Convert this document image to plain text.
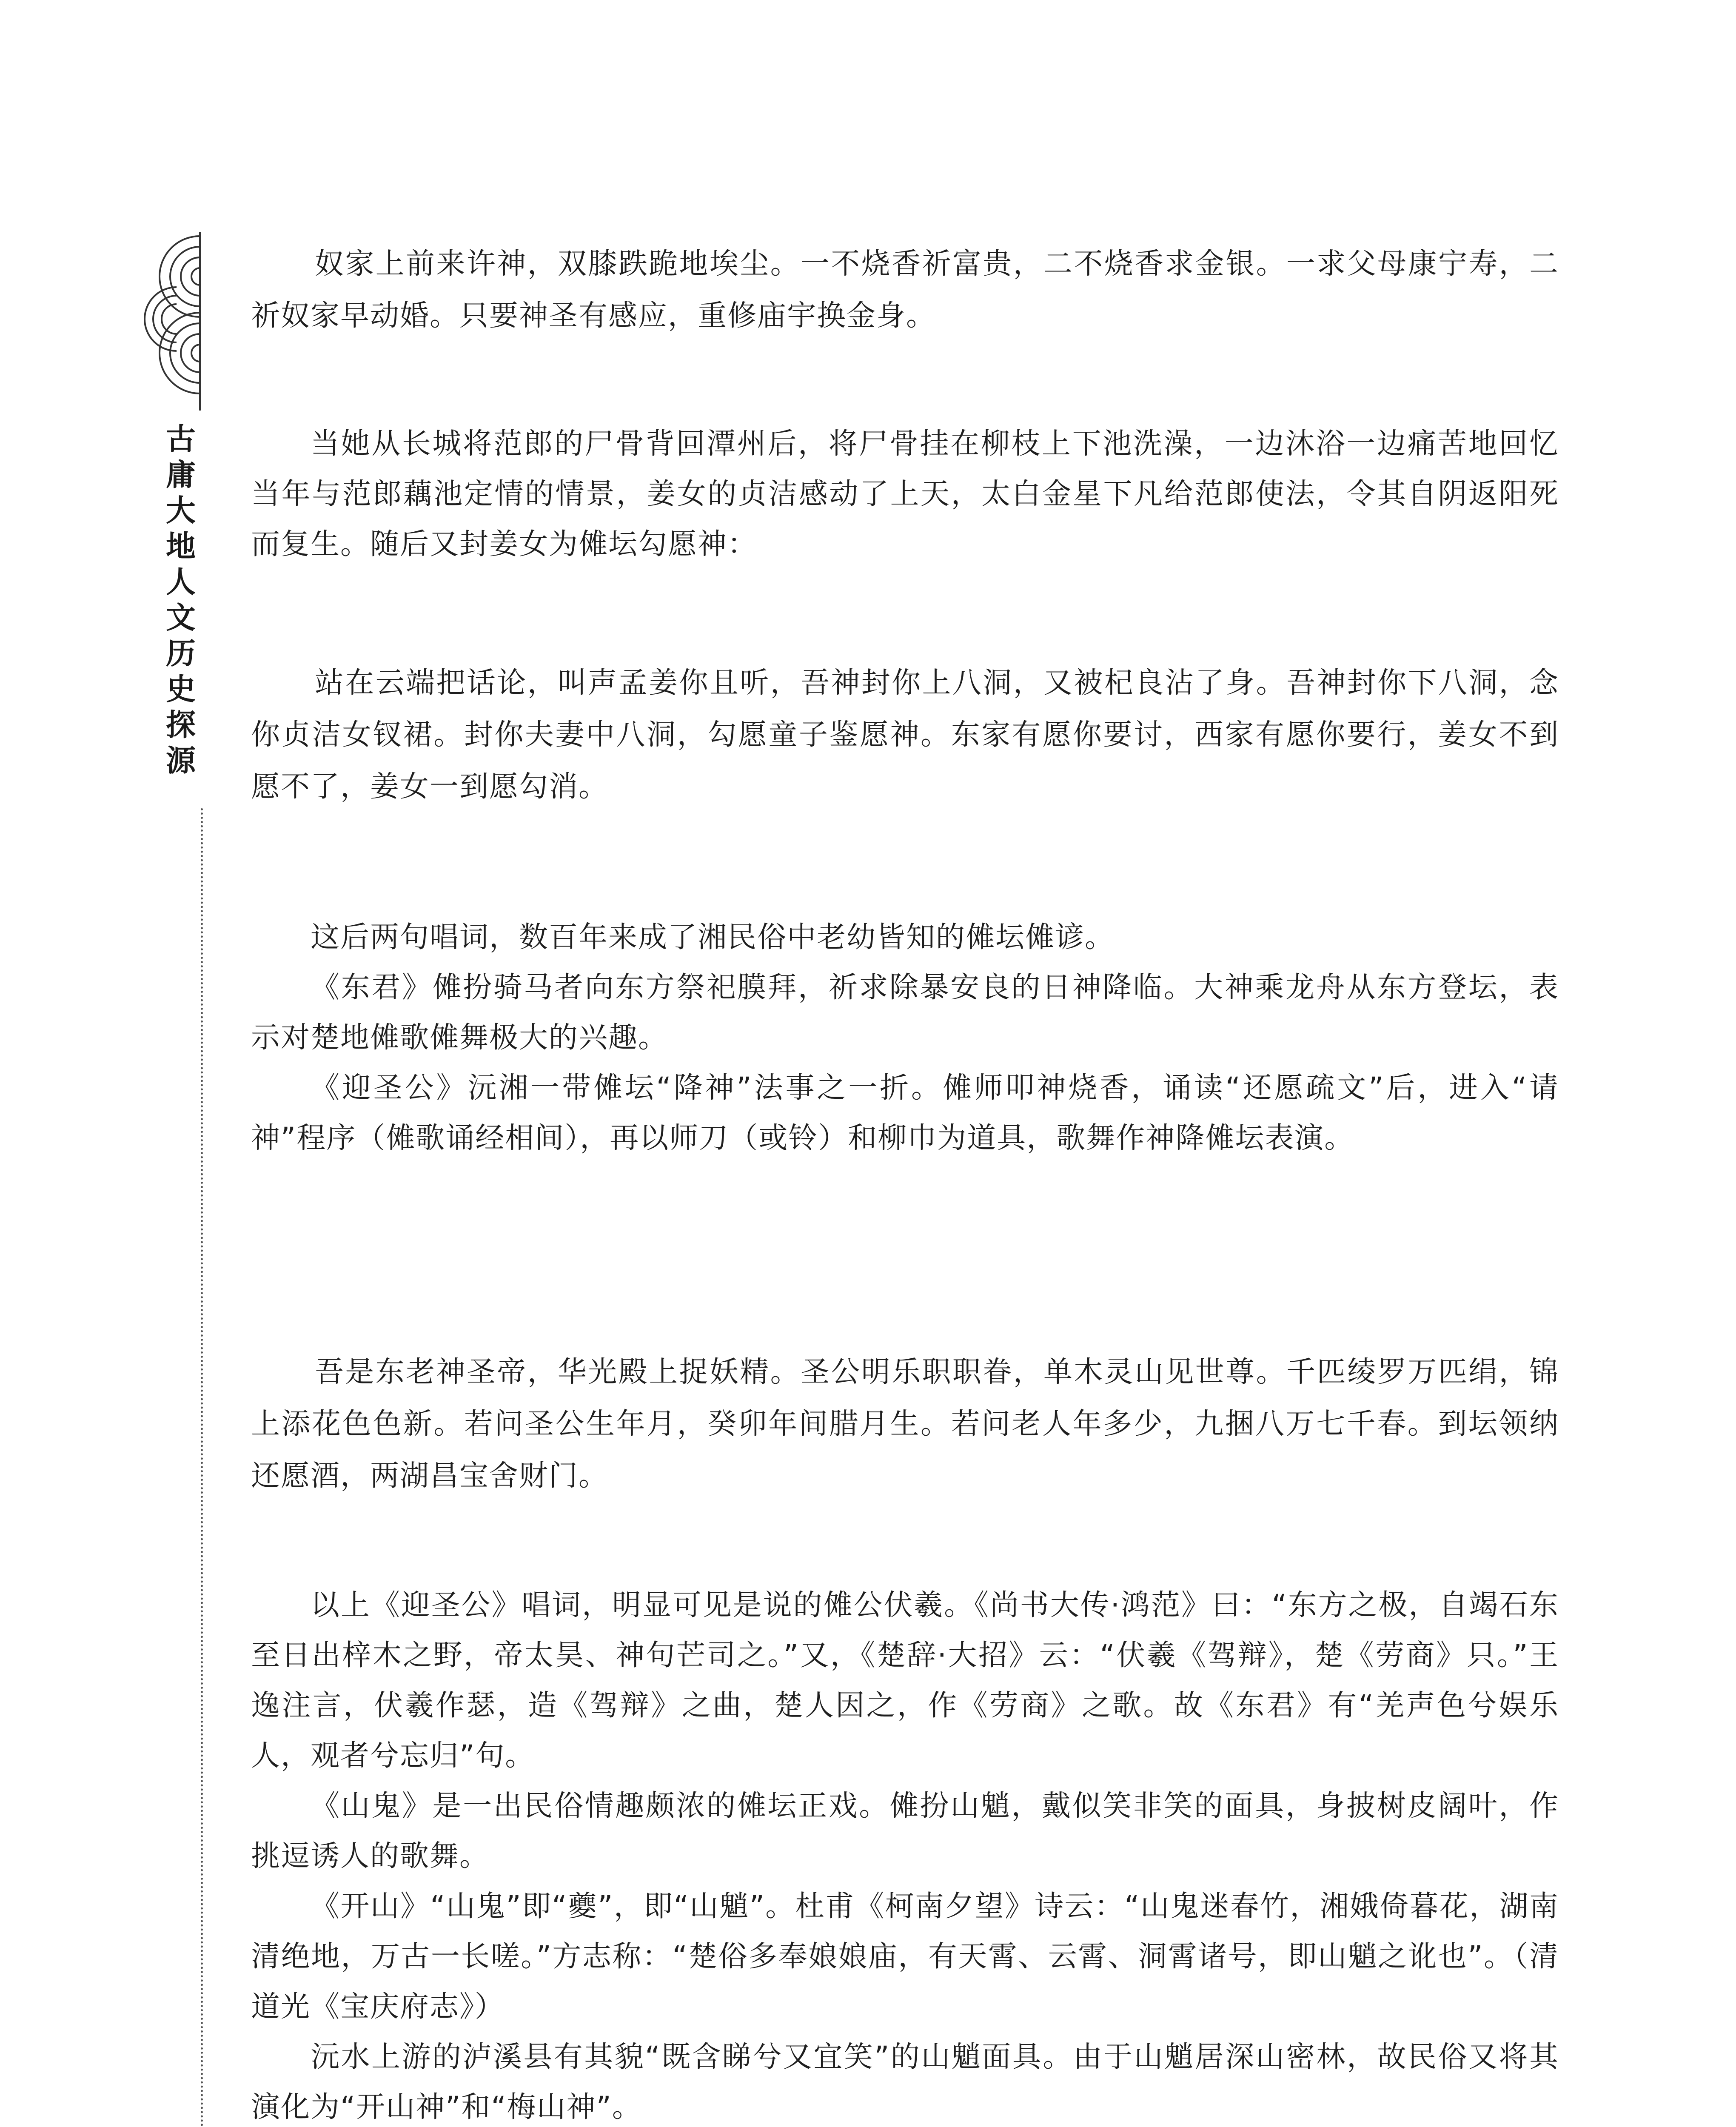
古庸大地人文历史探源

奴家上前来许神，双膝跌跪地埃尘。一不烧香祈富贵，二不烧香求金银。一求父母康宁寿，二祈奴家早动婚。只要神圣有感应，重修庙宇换金身。

当她从长城将范郎的尸骨背回潭州后，将尸骨挂在柳枝上下池洗澡，一边沐浴一边痛苦地回忆当年与范郎藕池定情的情景，姜女的贞洁感动了上天，太白金星下凡给范郎使法，令其自阴返阳死而复生。随后又封姜女为傩坛勾愿神：

站在云端把话论，叫声孟姜你且听，吾神封你上八洞，又被杞良沾了身。吾神封你下八洞，念你贞洁女钗裙。封你夫妻中八洞，勾愿童子鉴愿神。东家有愿你要讨，西家有愿你要行，姜女不到愿不了，姜女一到愿勾消。

这后两句唱词，数百年来成了湘民俗中老幼皆知的傩坛傩谚。

《东君》傩扮骑马者向东方祭祀膜拜，祈求除暴安良的日神降临。大神乘龙舟从东方登坛，表示对楚地傩歌傩舞极大的兴趣。

《迎圣公》沅湘一带傩坛“降神”法事之一折。傩师叩神烧香，诵读“还愿疏文”后，进入“请神”程序（傩歌诵经相间），再以师刀（或铃）和柳巾为道具，歌舞作神降傩坛表演。

吾是东老神圣帝，华光殿上捉妖精。圣公明乐职职眷，单木灵山见世尊。千匹绫罗万匹绢，锦上添花色色新。若问圣公生年月，癸卯年间腊月生。若问老人年多少，九捆八万七千春。到坛领纳还愿酒，两湖昌宝舍财门。

以上《迎圣公》唱词，明显可见是说的傩公伏羲。《尚书大传·鸿范》曰：“东方之极，自竭石东至日出梓木之野，帝太昊、神句芒司之。”又，《楚辞·大招》云：“伏羲《驾辩》，楚《劳商》只。”王逸注言，伏羲作瑟，造《驾辩》之曲，楚人因之，作《劳商》之歌。故《东君》有“羌声色兮娱乐人，观者兮忘归”句。

《山鬼》是一出民俗情趣颇浓的傩坛正戏。傩扮山魈，戴似笑非笑的面具，身披树皮阔叶，作挑逗诱人的歌舞。

《开山》“山鬼”即“夔”，即“山魈”。杜甫《柯南夕望》诗云：“山鬼迷春竹，湘娥倚暮花，湖南清绝地，万古一长嗟。”方志称：“楚俗多奉娘娘庙，有天霄、云霄、洞霄诸号，即山魈之讹也”。（清道光《宝庆府志》）

沅水上游的泸溪县有其貌“既含睇兮又宜笑”的山魈面具。由于山魈居深山密林，故民俗又将其演化为“开山神”和“梅山神”。
